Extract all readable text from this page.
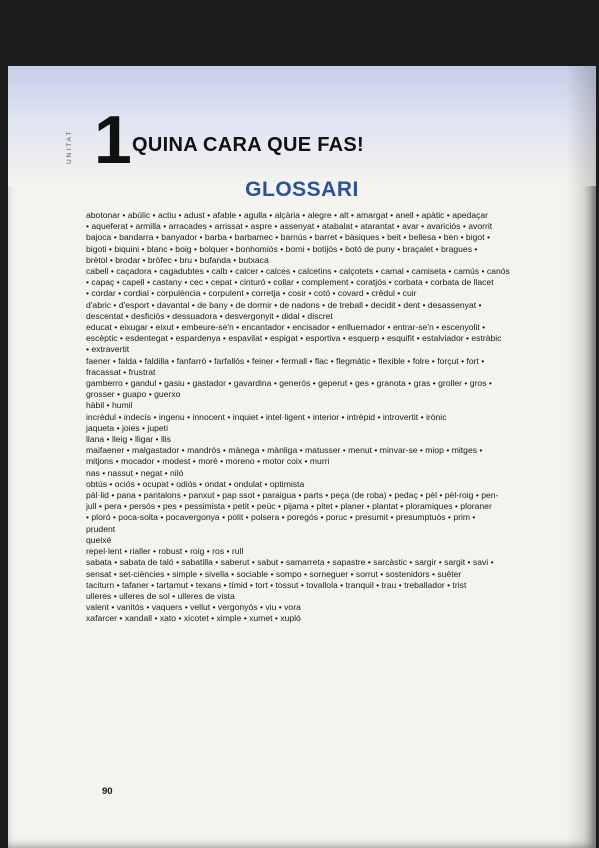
UNITAT 1 QUINA CARA QUE FAS!
GLOSSARI
abotonar • abúlic • actiu • adust • afable • agulla • alçària • alegre • alt • amargat • anell • apàtic • apedaçar
• aqueferat • armilla • arracades • arrissat • aspre • assenyat • atabalat • atarantat • avar • avariciós • avorrit
bajoca • bandarra • banyador • barba • barbamec • barnús • barret • bàsiques • beit • bellesa • ben • bigot •
bigoti • biquini • blanc • boig • bolquer • bonhomiós • borni • botijós • botó de puny • braçalet • bragues •
brètol • brodar • bròfec • bru • bufanda • butxaca
cabell • caçadora • cagadubtes • calb • calcer • calces • calcetins • calçotets • camal • camiseta • camús • canós
• capaç • capell • castany • cec • cepat • cinturó • collar • complement • coratjós • corbata • corbata de llacet
• cordar • cordial • corpulència • corpulent • corretja • cosir • cotó • covard • crèdul • cuir
d'abric • d'esport • davantal • de bany • de dormir • de nadons • de treball • decidit • dent • desassenyat •
descentat • desficiós • dessuadora • desvergonyit • didal • discret
educat • eixugar • eixut • embeure-se'n • encantador • encisador • enlluernador • entrar-se'n • escenyolit •
escèptic • esdentegat • espardenya • espavilat • espigat • esportiva • esquerp • esquifit • estalviador • estràbic
• extravertit
faener • falda • faldilla • fanfarró • farfallós • feiner • fermall • flac • flegmàtic • flexible • folre • forçut • fort •
fracassat • frustrat
gamberro • gandul • gasiu • gastador • gavardina • generós • geperut • ges • granota • gras • groller • gros •
grosser • guapo • guerxo
hàbil • humil
incrèdul • indecís • ingenu • innocent • inquiet • intel·ligent • interior • intrèpid • introvertit • irònic
jaqueta • joies • jupeti
llana • lleig • lligar • llis
maifaener • malgastador • mandrós • mànega • mànliga • matusser • menut • minvar-se • miop • mitges •
mitjons • mocador • modest • moré • moreno • motor coix • murri
nas • nassut • negat • niló
obtús • ociós • ocupat • odiós • ondat • ondulat • optimista
pàl·lid • pana • pantalons • panxut • pap ssot • paraigua • parts • peça (de roba) • pedaç • pèl • pèl-roig • pen-
jull • pera • persós • pes • pessimista • petit • peüc • pijama • pitet • planer • plantat • ploramiques • ploraner
• ploró • poca-solta • pocavergonya • polit • polsera • poregós • poruc • presumit • presumptuós • prim •
prudent
queixé
repel·lent • rialler • robust • roig • ros • rull
sabata • sabata de taló • sabatilla • saberut • sabut • samarreta • sapastre • sarcàstic • sargir • sargit • savi •
sensat • set-ciències • simple • sivella • sociable • sompo • sorneguer • sorrut • sostenidors • suèter
taciturn • tafaner • tartamut • texans • tímid • tort • tossut • tovallola • tranquil • trau • treballador • trist
ulleres • ulleres de sol • ulleres de vista
valent • vanitós • vaquers • vellut • vergonyós • viu • vora
xafarcer • xandall • xato • xicotet • ximple • xumet • xupló
90
